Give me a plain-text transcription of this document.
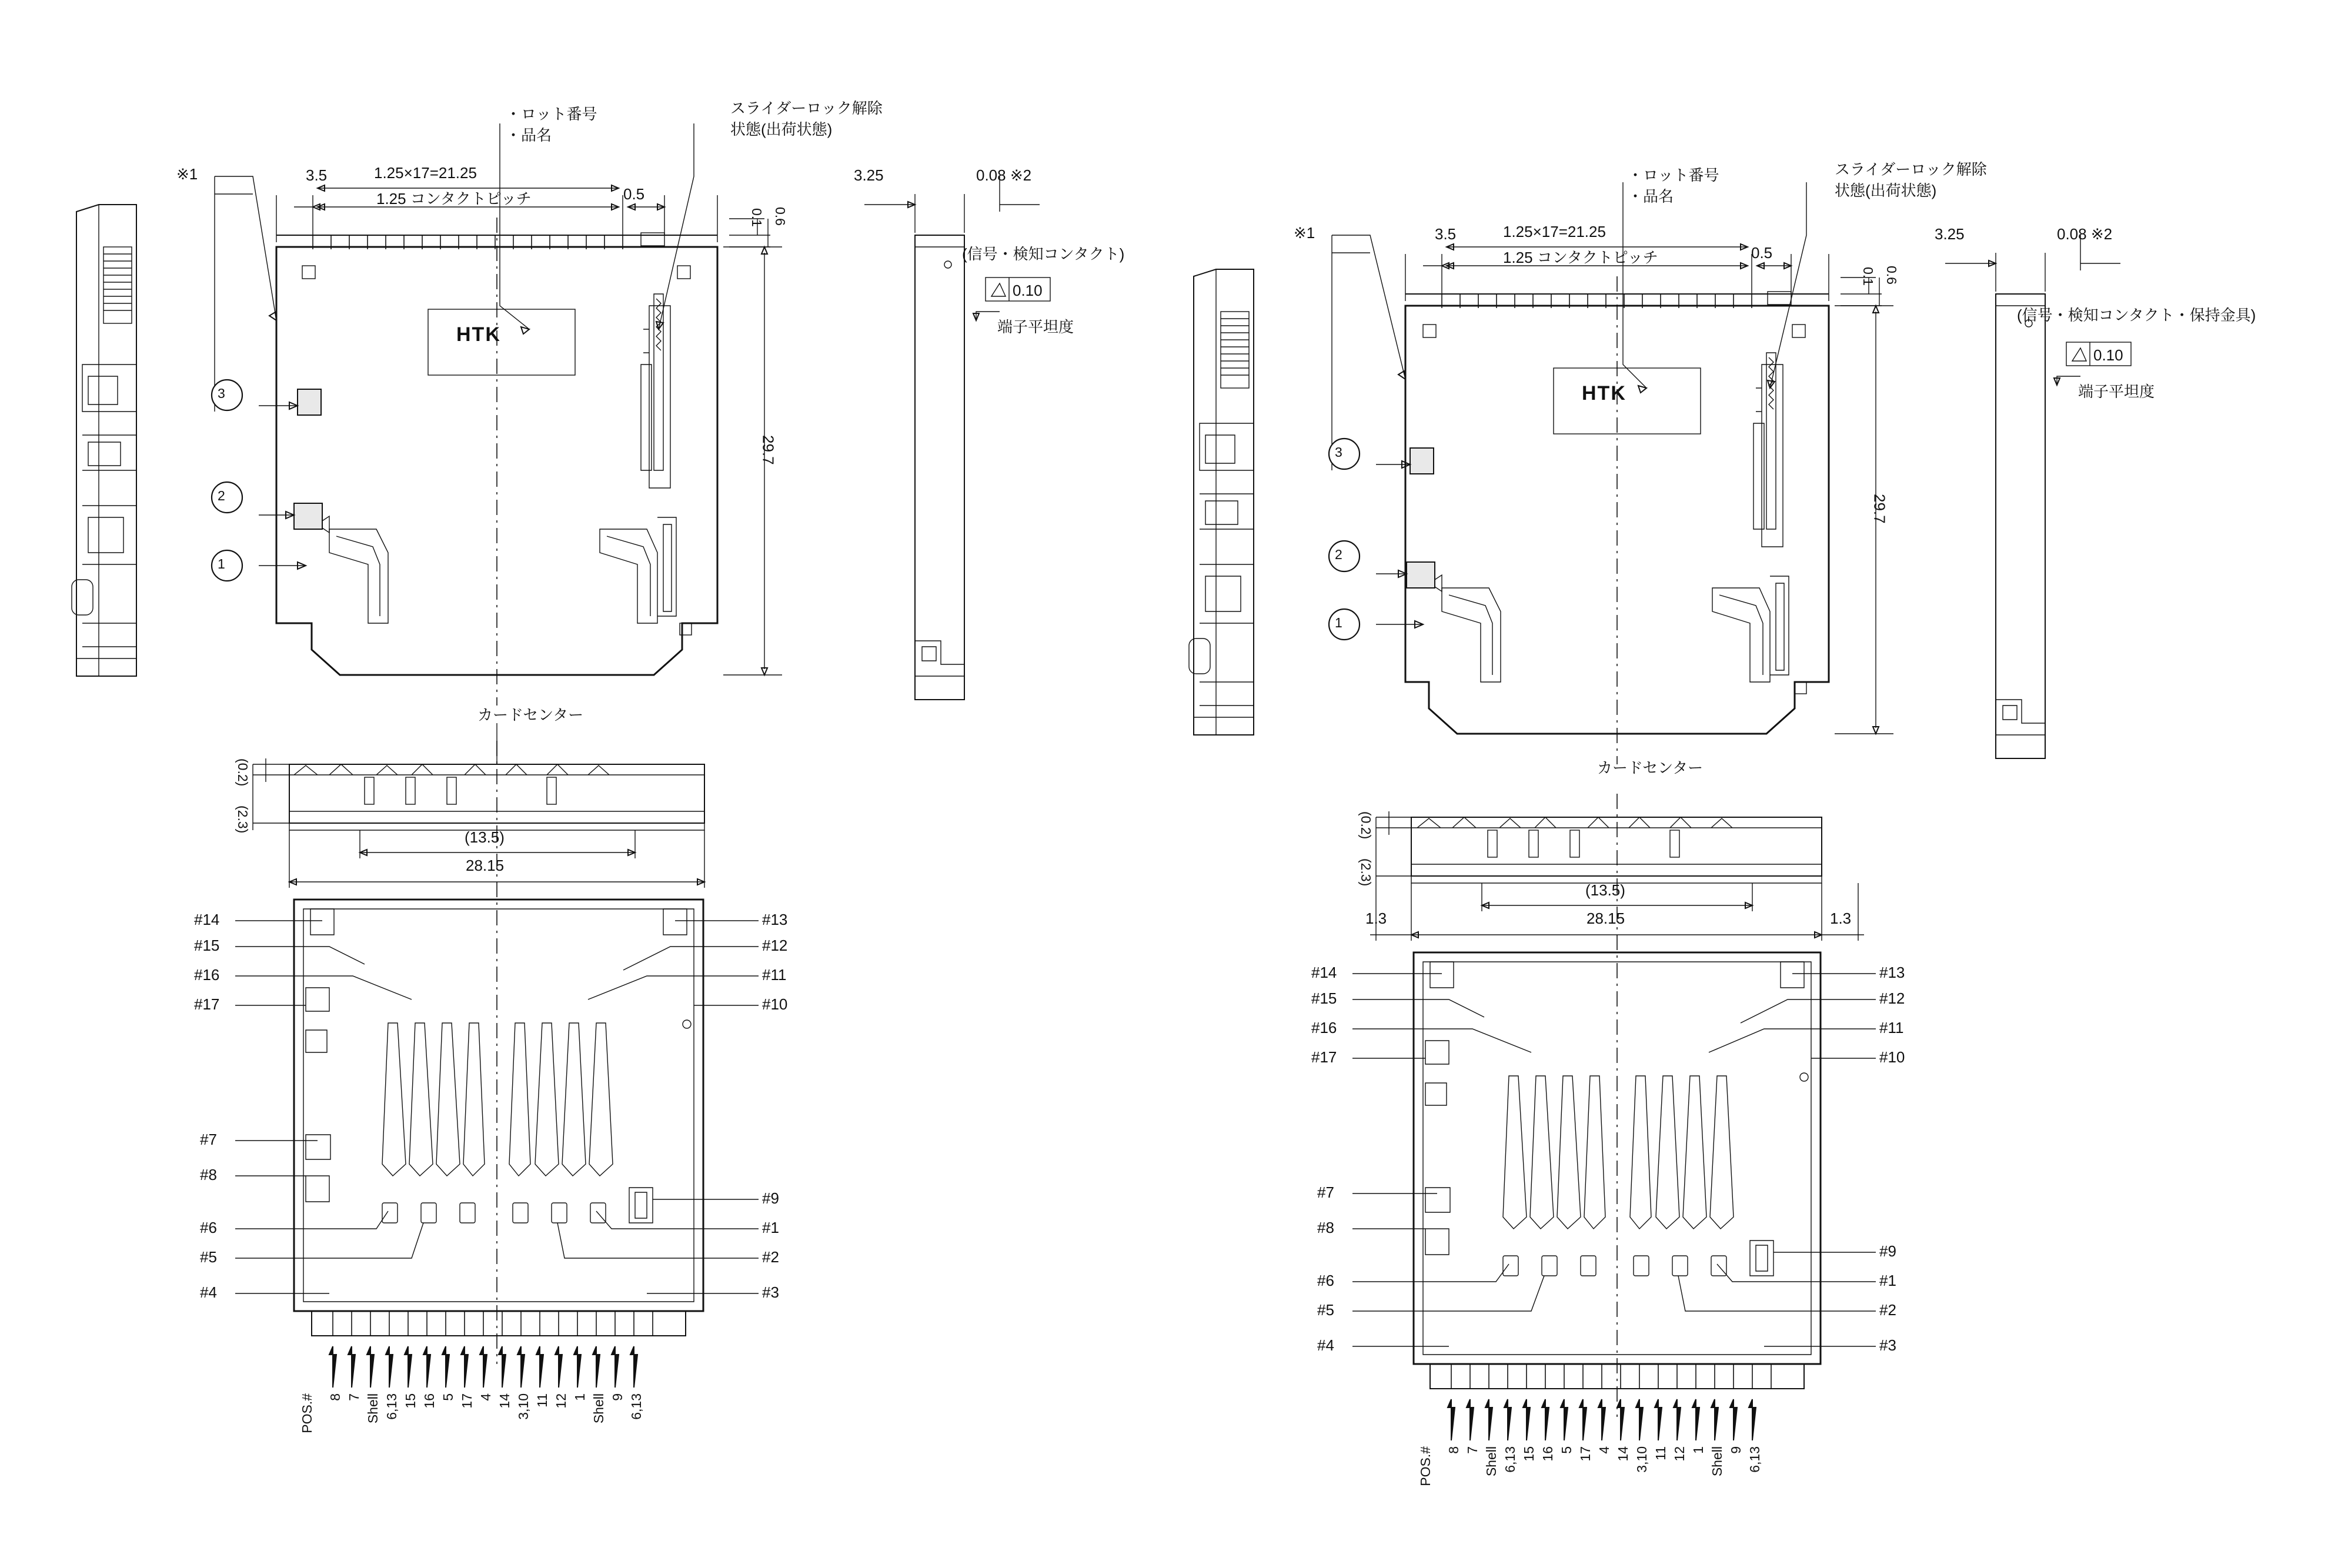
※1
・ロット番号
・品名
スライダーロック解除
状態(出荷状態)
3.5	1.25×17=21.25
1.25 コンタクトピッチ	0.5
0.1 0.6
29.7
3.25	0.08 ※2
(信号・検知コンタクト)
0.10
端子平坦度
HTK
3
2
1
(0.2)
(2.3)
カードセンター
(13.5)
28.15
#14
#15
#16
#17
#7
#8
#6
#5
#4
#13
#12
#11
#10
#9
#1
#2
#3
POS.# 8 7 Shell 6,13 15 16 5 17 4 14 3,10 11 12 1 Shell 9 6,13
※1
・ロット番号
・品名
スライダーロック解除
状態(出荷状態)
3.5	1.25×17=21.25
1.25 コンタクトピッチ	0.5
0.1 0.6
29.7
3.25	0.08 ※2
(信号・検知コンタクト・保持金具)
0.10
端子平坦度
HTK
3
2
1
(0.2)
(2.3)
カードセンター
(13.5)
28.15
1.3	1.3
#14
#15
#16
#17
#7
#8
#6
#5
#4
#13
#12
#11
#10
#9
#1
#2
#3
POS.# 8 7 Shell 6,13 15 16 5 17 4 14 3,10 11 12 1 Shell 9 6,13
